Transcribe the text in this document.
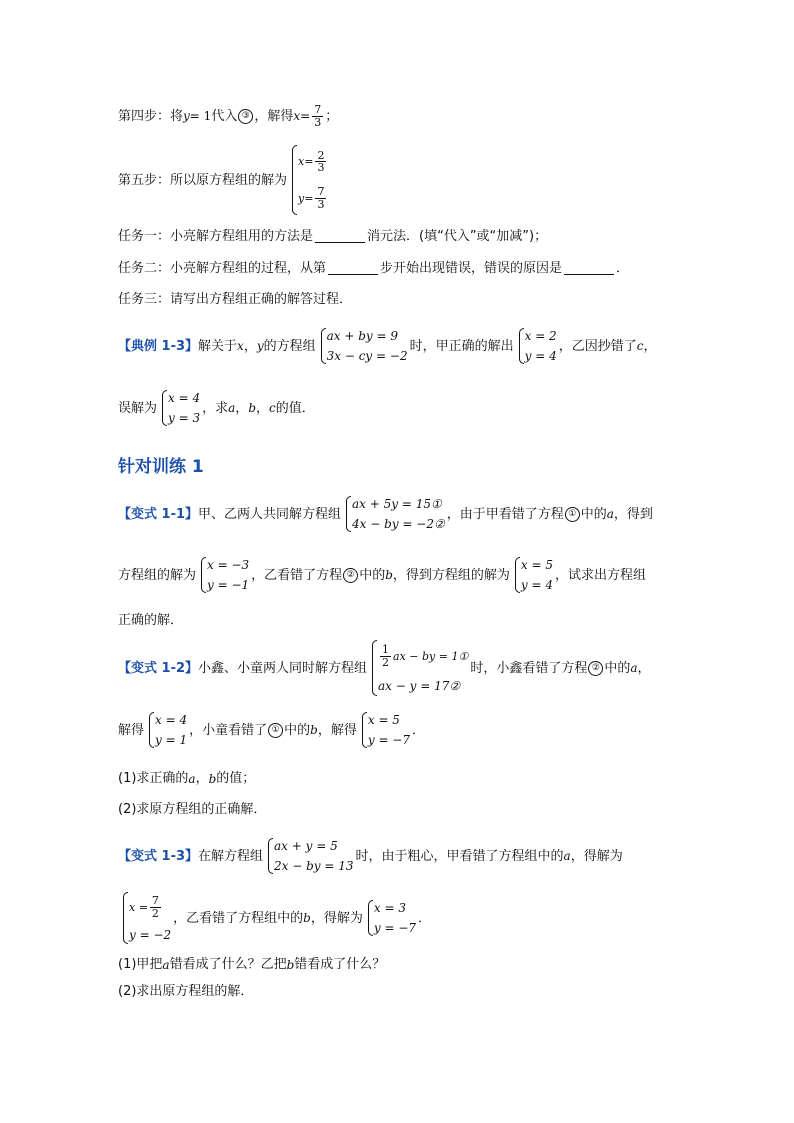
第四步：将 y = 1 代入 ③ ，解得 $x = \frac{7}{3}$ ；
第五步：所以原方程组的解为
$x = \frac{2}{3}$
$y = \frac{7}{3}$
任务一：小亮解方程组用的方法是	消元法．(填“代入”或“加减”)；
任务二：小亮解方程组的过程，从第	步开始出现错误，错误的原因是	．
任务三：请写出方程组正确的解答过程．
【典例 1-3】 解关于 x ， y 的方程组
ax + by = 9
3x − cy = −2
时，甲正确的解出
x = 2
y = 4
，乙因抄错了 c ，
误解为
x = 4
y = 3
，求 a ， b ， c 的值．
针对训练 1
【变式 1-1】 甲、乙两人共同解方程组
ax + 5y = 15①
4x − by = −2②
，由于甲看错了方程 ① 中的 a ，得到
方程组的解为
x = −3
y = −1
，乙看错了方程 ② 中的 b ，得到方程组的解为
x = 5
y = 4
，试求出方程组
正确的解．
【变式 1-2】 小鑫、小童两人同时解方程组 $\frac{1}{2}$ ax − by = 1①
ax − y = 17②
时，小鑫看错了方程 ② 中的 a ，
解得
x = 4
y = 1
，小童看错了 ① 中的 b ，解得
x = 5
y = −7
．
(1)求正确的 a ， b 的值；
(2)求原方程组的正确解．
【变式 1-3】 在解方程组
ax + y = 5
2x − by = 13
时，由于粗心，甲看错了方程组中的 a ，得解为
$x = \frac{7}{2}$
y = −2
，乙看错了方程组中的 b ，得解为
x = 3
y = −7
．
(1)甲把 a 错看成了什么？乙把 b 错看成了什么？
(2)求出原方程组的解．
